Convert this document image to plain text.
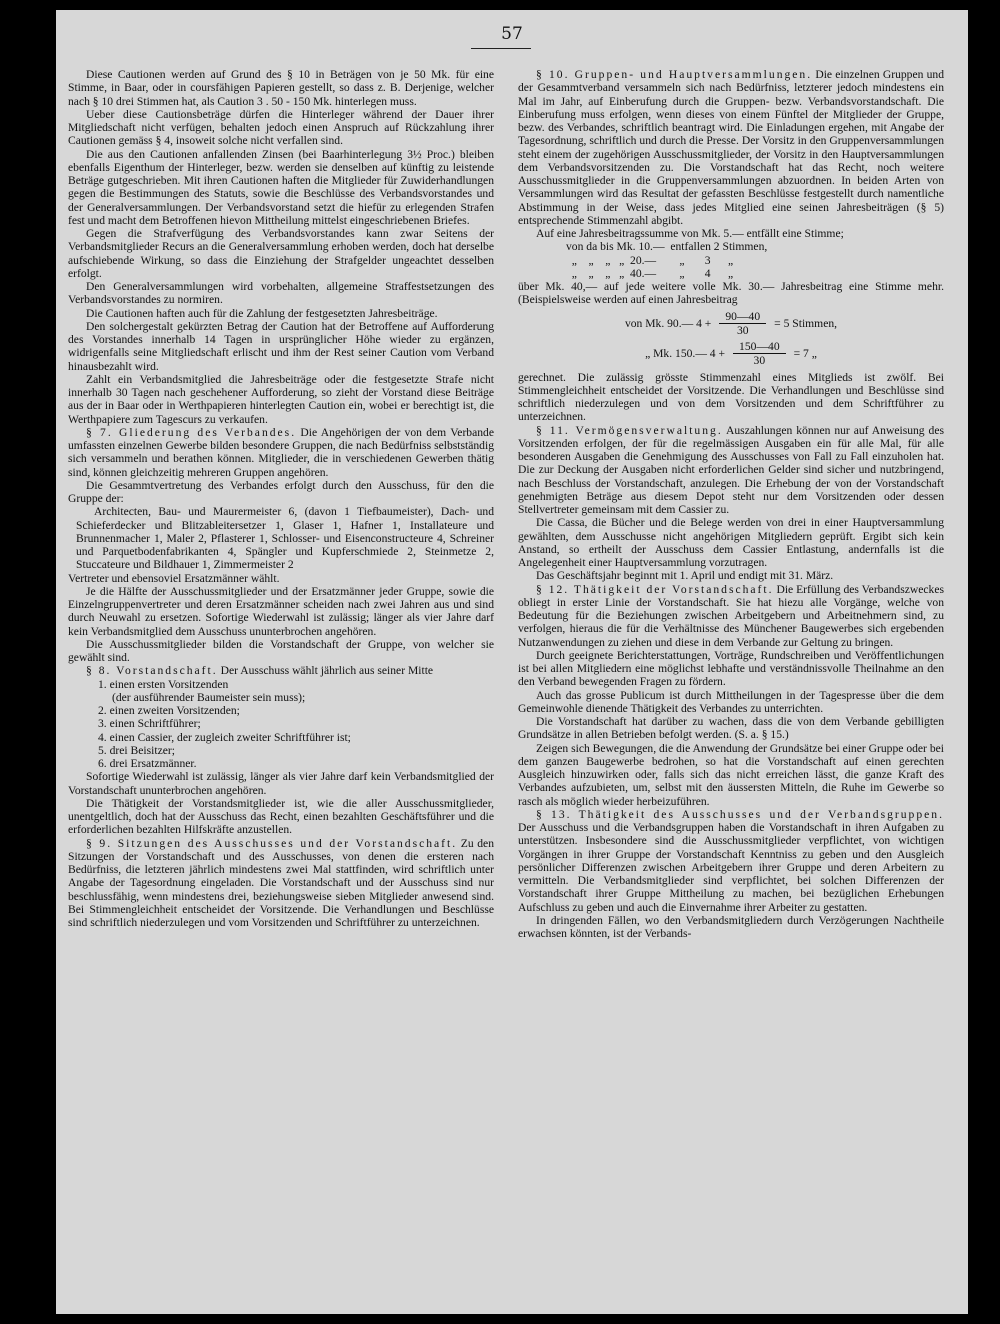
57

Diese Cautionen werden auf Grund des § 10 in Beträgen von je 50 Mk. für eine Stimme, in Baar, oder in coursfähigen Papieren gestellt, so dass z. B. Derjenige, welcher nach § 10 drei Stimmen hat, als Caution 3 . 50 - 150 Mk. hinterlegen muss.

Ueber diese Cautionsbeträge dürfen die Hinterleger während der Dauer ihrer Mitgliedschaft nicht verfügen, behalten jedoch einen Anspruch auf Rückzahlung ihrer Cautionen gemäss § 4, insoweit solche nicht verfallen sind.

Die aus den Cautionen anfallenden Zinsen (bei Baarhinterlegung 3½ Proc.) bleiben ebenfalls Eigenthum der Hinterleger, bezw. werden sie denselben auf künftig zu leistende Beträge gutgeschrieben. Mit ihren Cautionen haften die Mitglieder für Zuwiderhandlungen gegen die Bestimmungen des Statuts, sowie die Beschlüsse des Verbandsvorstandes und der Generalversammlungen. Der Verbandsvorstand setzt die hiefür zu erlegenden Strafen fest und macht dem Betroffenen hievon Mittheilung mittelst eingeschriebenen Briefes.

Gegen die Strafverfügung des Verbandsvorstandes kann zwar Seitens der Verbandsmitglieder Recurs an die Generalversammlung erhoben werden, doch hat derselbe aufschiebende Wirkung, so dass die Einziehung der Strafgelder ungeachtet desselben erfolgt.

Den Generalversammlungen wird vorbehalten, allgemeine Straffestsetzungen des Verbandsvorstandes zu normiren.

Die Cautionen haften auch für die Zahlung der festgesetzten Jahresbeiträge.

Den solchergestalt gekürzten Betrag der Caution hat der Betroffene auf Aufforderung des Vorstandes innerhalb 14 Tagen in ursprünglicher Höhe wieder zu ergänzen, widrigenfalls seine Mitgliedschaft erlischt und ihm der Rest seiner Caution vom Verband hinausbezahlt wird.

Zahlt ein Verbandsmitglied die Jahresbeiträge oder die festgesetzte Strafe nicht innerhalb 30 Tagen nach geschehener Aufforderung, so zieht der Vorstand diese Beiträge aus der in Baar oder in Werthpapieren hinterlegten Caution ein, wobei er berechtigt ist, die Werthpapiere zum Tagescurs zu verkaufen.

§ 7. Gliederung des Verbandes. Die Angehörigen der von dem Verbande umfassten einzelnen Gewerbe bilden besondere Gruppen, die nach Bedürfniss selbstständig sich versammeln und berathen können. Mitglieder, die in verschiedenen Gewerben thätig sind, können gleichzeitig mehreren Gruppen angehören.

Die Gesammtvertretung des Verbandes erfolgt durch den Ausschuss, für den die Gruppe der:

Architecten, Bau- und Maurermeister 6, (davon 1 Tiefbaumeister), Dach- und Schieferdecker und Blitzableitersetzer 1, Glaser 1, Hafner 1, Installateure und Brunnenmacher 1, Maler 2, Pflasterer 1, Schlosser- und Eisenconstructeure 4, Schreiner und Parquetbodenfabrikanten 4, Spängler und Kupferschmiede 2, Steinmetze 2, Stuccateure und Bildhauer 1, Zimmermeister 2

Vertreter und ebensoviel Ersatzmänner wählt.

Je die Hälfte der Ausschussmitglieder und der Ersatzmänner jeder Gruppe, sowie die Einzelngruppenvertreter und deren Ersatzmänner scheiden nach zwei Jahren aus und sind durch Neuwahl zu ersetzen. Sofortige Wiederwahl ist zulässig; länger als vier Jahre darf kein Verbandsmitglied dem Ausschuss ununterbrochen angehören.

Die Ausschussmitglieder bilden die Vorstandschaft der Gruppe, von welcher sie gewählt sind.

§ 8. Vorstandschaft. Der Ausschuss wählt jährlich aus seiner Mitte

1. einen ersten Vorsitzenden
(der ausführender Baumeister sein muss);
2. einen zweiten Vorsitzenden;
3. einen Schriftführer;
4. einen Cassier, der zugleich zweiter Schriftführer ist;
5. drei Beisitzer;
6. drei Ersatzmänner.

Sofortige Wiederwahl ist zulässig, länger als vier Jahre darf kein Verbandsmitglied der Vorstandschaft ununterbrochen angehören.

Die Thätigkeit der Vorstandsmitglieder ist, wie die aller Ausschussmitglieder, unentgeltlich, doch hat der Ausschuss das Recht, einen bezahlten Geschäftsführer und die erforderlichen bezahlten Hilfskräfte anzustellen.

§ 9. Sitzungen des Ausschusses und der Vorstandschaft. Zu den Sitzungen der Vorstandschaft und des Ausschusses, von denen die ersteren nach Bedürfniss, die letzteren jährlich mindestens zwei Mal stattfinden, wird schriftlich unter Angabe der Tagesordnung eingeladen. Die Vorstandschaft und der Ausschuss sind nur beschlussfähig, wenn mindestens drei, beziehungsweise sieben Mitglieder anwesend sind. Bei Stimmengleichheit entscheidet der Vorsitzende. Die Verhandlungen und Beschlüsse sind schriftlich niederzulegen und vom Vorsitzenden und Schriftführer zu unterzeichnen.

§ 10. Gruppen- und Hauptversammlungen. Die einzelnen Gruppen und der Gesammtverband versammeln sich nach Bedürfniss, letzterer jedoch mindestens ein Mal im Jahr, auf Einberufung durch die Gruppen- bezw. Verbandsvorstandschaft. Die Einberufung muss erfolgen, wenn dieses von einem Fünftel der Mitglieder der Gruppe, bezw. des Verbandes, schriftlich beantragt wird. Die Einladungen ergehen, mit Angabe der Tagesordnung, schriftlich und durch die Presse. Der Vorsitz in den Gruppenversammlungen steht einem der zugehörigen Ausschussmitglieder, der Vorsitz in den Hauptversammlungen dem Verbandsvorsitzenden zu. Die Vorstandschaft hat das Recht, noch weitere Ausschussmitglieder in die Gruppenversammlungen abzuordnen. In beiden Arten von Versammlungen wird das Resultat der gefassten Beschlüsse festgestellt durch namentliche Abstimmung in der Weise, dass jedes Mitglied eine seinen Jahresbeiträgen (§ 5) entsprechende Stimmenzahl abgibt.

Auf eine Jahresbeitragssumme von Mk. 5.— entfällt eine Stimme;

von da bis Mk. 10.—  entfallen 2 Stimmen,
„    „    „   „  20.—        „       3      „
„    „    „   „  40.—        „       4      „

über Mk. 40,— auf jede weitere volle Mk. 30.— Jahresbeitrag eine Stimme mehr. (Beispielsweise werden auf einen Jahresbeitrag

von Mk. 90.— $4 + \frac{90—40}{30} = 5$ Stimmen,
„ Mk. 150.— $4 + \frac{150—40}{30} = 7$ „

gerechnet. Die zulässig grösste Stimmenzahl eines Mitglieds ist zwölf. Bei Stimmengleichheit entscheidet der Vorsitzende. Die Verhandlungen und Beschlüsse sind schriftlich niederzulegen und von dem Vorsitzenden und dem Schriftführer zu unterzeichnen.

§ 11. Vermögensverwaltung. Auszahlungen können nur auf Anweisung des Vorsitzenden erfolgen, der für die regelmässigen Ausgaben ein für alle Mal, für alle besonderen Ausgaben die Genehmigung des Ausschusses von Fall zu Fall einzuholen hat. Die zur Deckung der Ausgaben nicht erforderlichen Gelder sind sicher und nutzbringend, nach Beschluss der Vorstandschaft, anzulegen. Die Erhebung der von der Vorstandschaft genehmigten Beträge aus diesem Depot steht nur dem Vorsitzenden oder dessen Stellvertreter gemeinsam mit dem Cassier zu.

Die Cassa, die Bücher und die Belege werden von drei in einer Hauptversammlung gewählten, dem Ausschusse nicht angehörigen Mitgliedern geprüft. Ergibt sich kein Anstand, so ertheilt der Ausschuss dem Cassier Entlastung, andernfalls ist die Angelegenheit einer Hauptversammlung vorzutragen.

Das Geschäftsjahr beginnt mit 1. April und endigt mit 31. März.

§ 12. Thätigkeit der Vorstandschaft. Die Erfüllung des Verbandszweckes obliegt in erster Linie der Vorstandschaft. Sie hat hiezu alle Vorgänge, welche von Bedeutung für die Beziehungen zwischen Arbeitgebern und Arbeitnehmern sind, zu verfolgen, hieraus die für die Verhältnisse des Münchener Baugewerbes sich ergebenden Nutzanwendungen zu ziehen und diese in dem Verbande zur Geltung zu bringen.

Durch geeignete Berichterstattungen, Vorträge, Rundschreiben und Veröffentlichungen ist bei allen Mitgliedern eine möglichst lebhafte und verständnissvolle Theilnahme an den den Verband bewegenden Fragen zu fördern.

Auch das grosse Publicum ist durch Mittheilungen in der Tagespresse über die dem Gemeinwohle dienende Thätigkeit des Verbandes zu unterrichten.

Die Vorstandschaft hat darüber zu wachen, dass die von dem Verbande gebilligten Grundsätze in allen Betrieben befolgt werden. (S. a. § 15.)

Zeigen sich Bewegungen, die die Anwendung der Grundsätze bei einer Gruppe oder bei dem ganzen Baugewerbe bedrohen, so hat die Vorstandschaft auf einen gerechten Ausgleich hinzuwirken oder, falls sich das nicht erreichen lässt, die ganze Kraft des Verbandes aufzubieten, um, selbst mit den äussersten Mitteln, die Ruhe im Gewerbe so rasch als möglich wieder herbeizuführen.

§ 13. Thätigkeit des Ausschusses und der Verbandsgruppen. Der Ausschuss und die Verbandsgruppen haben die Vorstandschaft in ihren Aufgaben zu unterstützen. Insbesondere sind die Ausschussmitglieder verpflichtet, von wichtigen Vorgängen in ihrer Gruppe der Vorstandschaft Kenntniss zu geben und den Ausgleich persönlicher Differenzen zwischen Arbeitgebern ihrer Gruppe und deren Arbeitern zu vermitteln. Die Verbandsmitglieder sind verpflichtet, bei solchen Differenzen der Vorstandschaft ihrer Gruppe Mittheilung zu machen, bei bezüglichen Erhebungen Aufschluss zu geben und auch die Einvernahme ihrer Arbeiter zu gestatten.

In dringenden Fällen, wo den Verbandsmitgliedern durch Verzögerungen Nachtheile erwachsen könnten, ist der Verbands-
